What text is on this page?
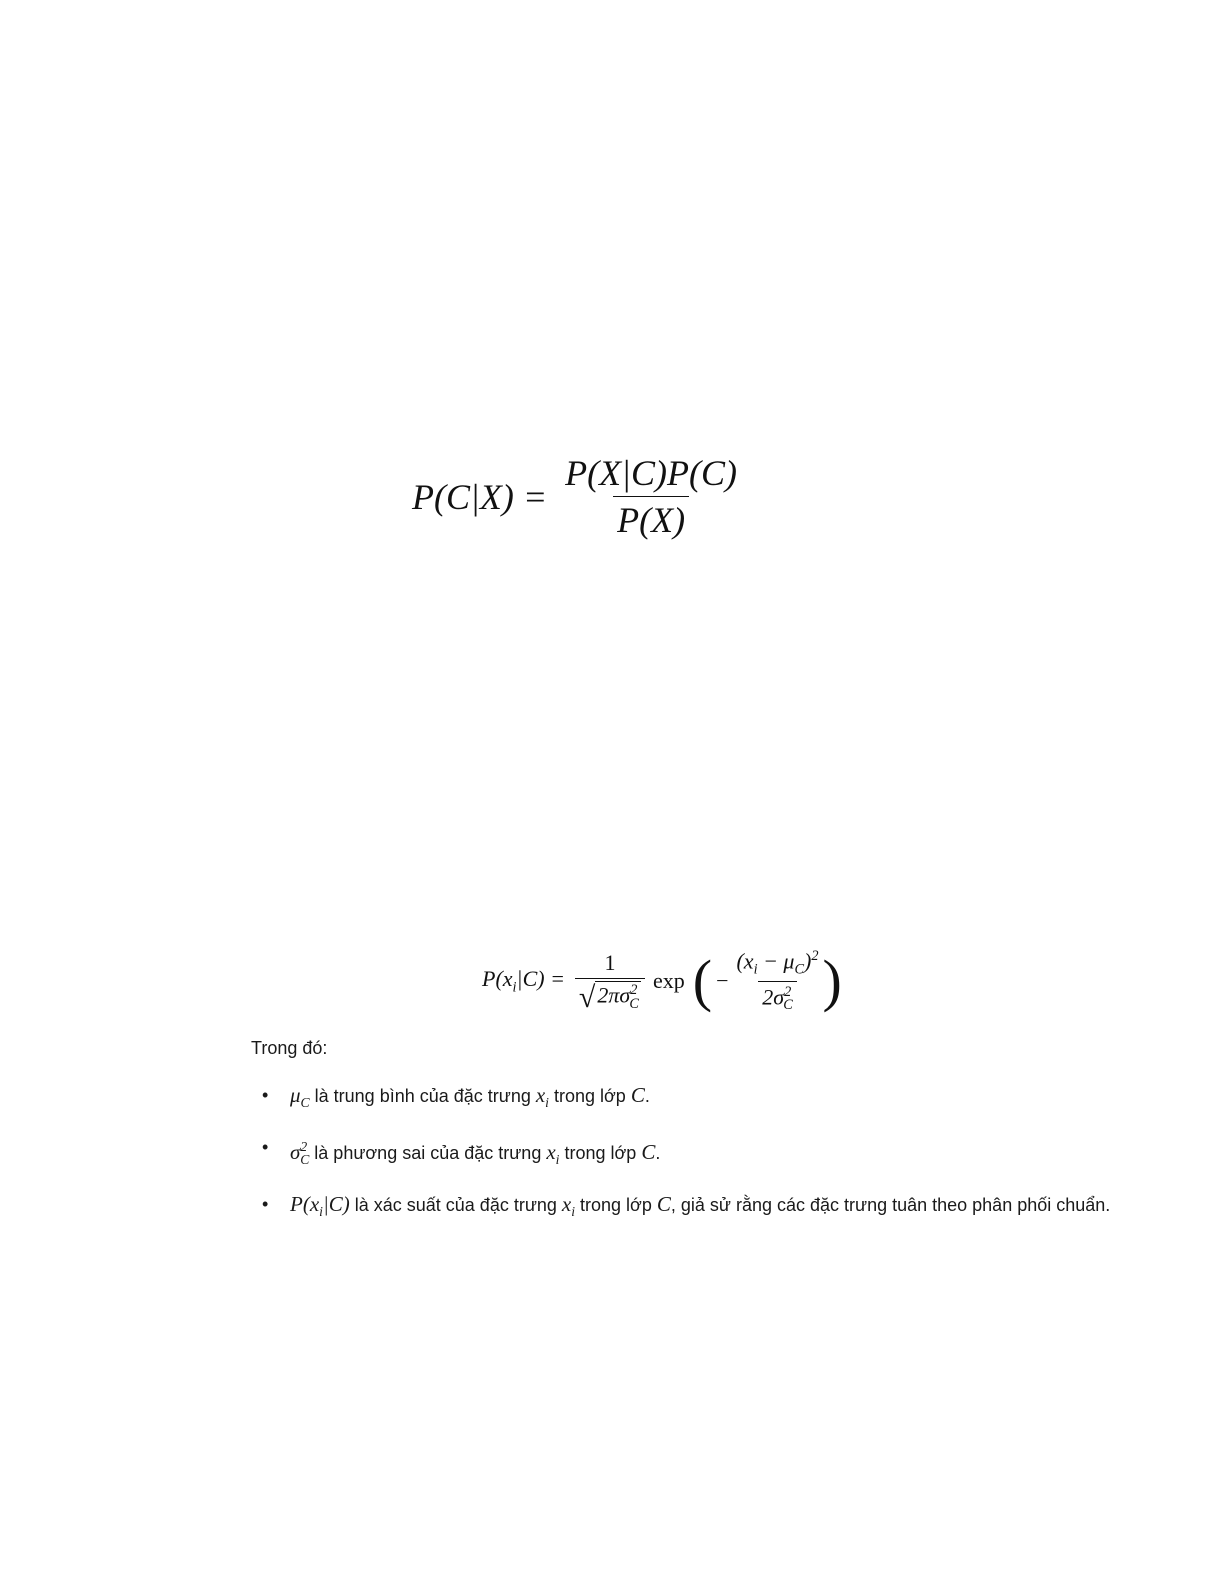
$P(C|X) = \frac{P(X|C)P(C)}{P(X)}$
$P(x_i|C) = \frac{1}{√ 2\pi\sigma^2_C}$ exp ( − $\frac{(x_i - \mu_C)^2}{2\sigma^2_C}$ )
Trong đó:
• $\mu_C$ là trung bình của đặc trưng $x_i$ trong lớp C.
• $\sigma^2_C$ là phương sai của đặc trưng $x_i$ trong lớp C.
• $P(x_i|C)$ là xác suất của đặc trưng $x_i$ trong lớp C, giả sử rằng các đặc trưng tuân theo phân phối chuẩn.
